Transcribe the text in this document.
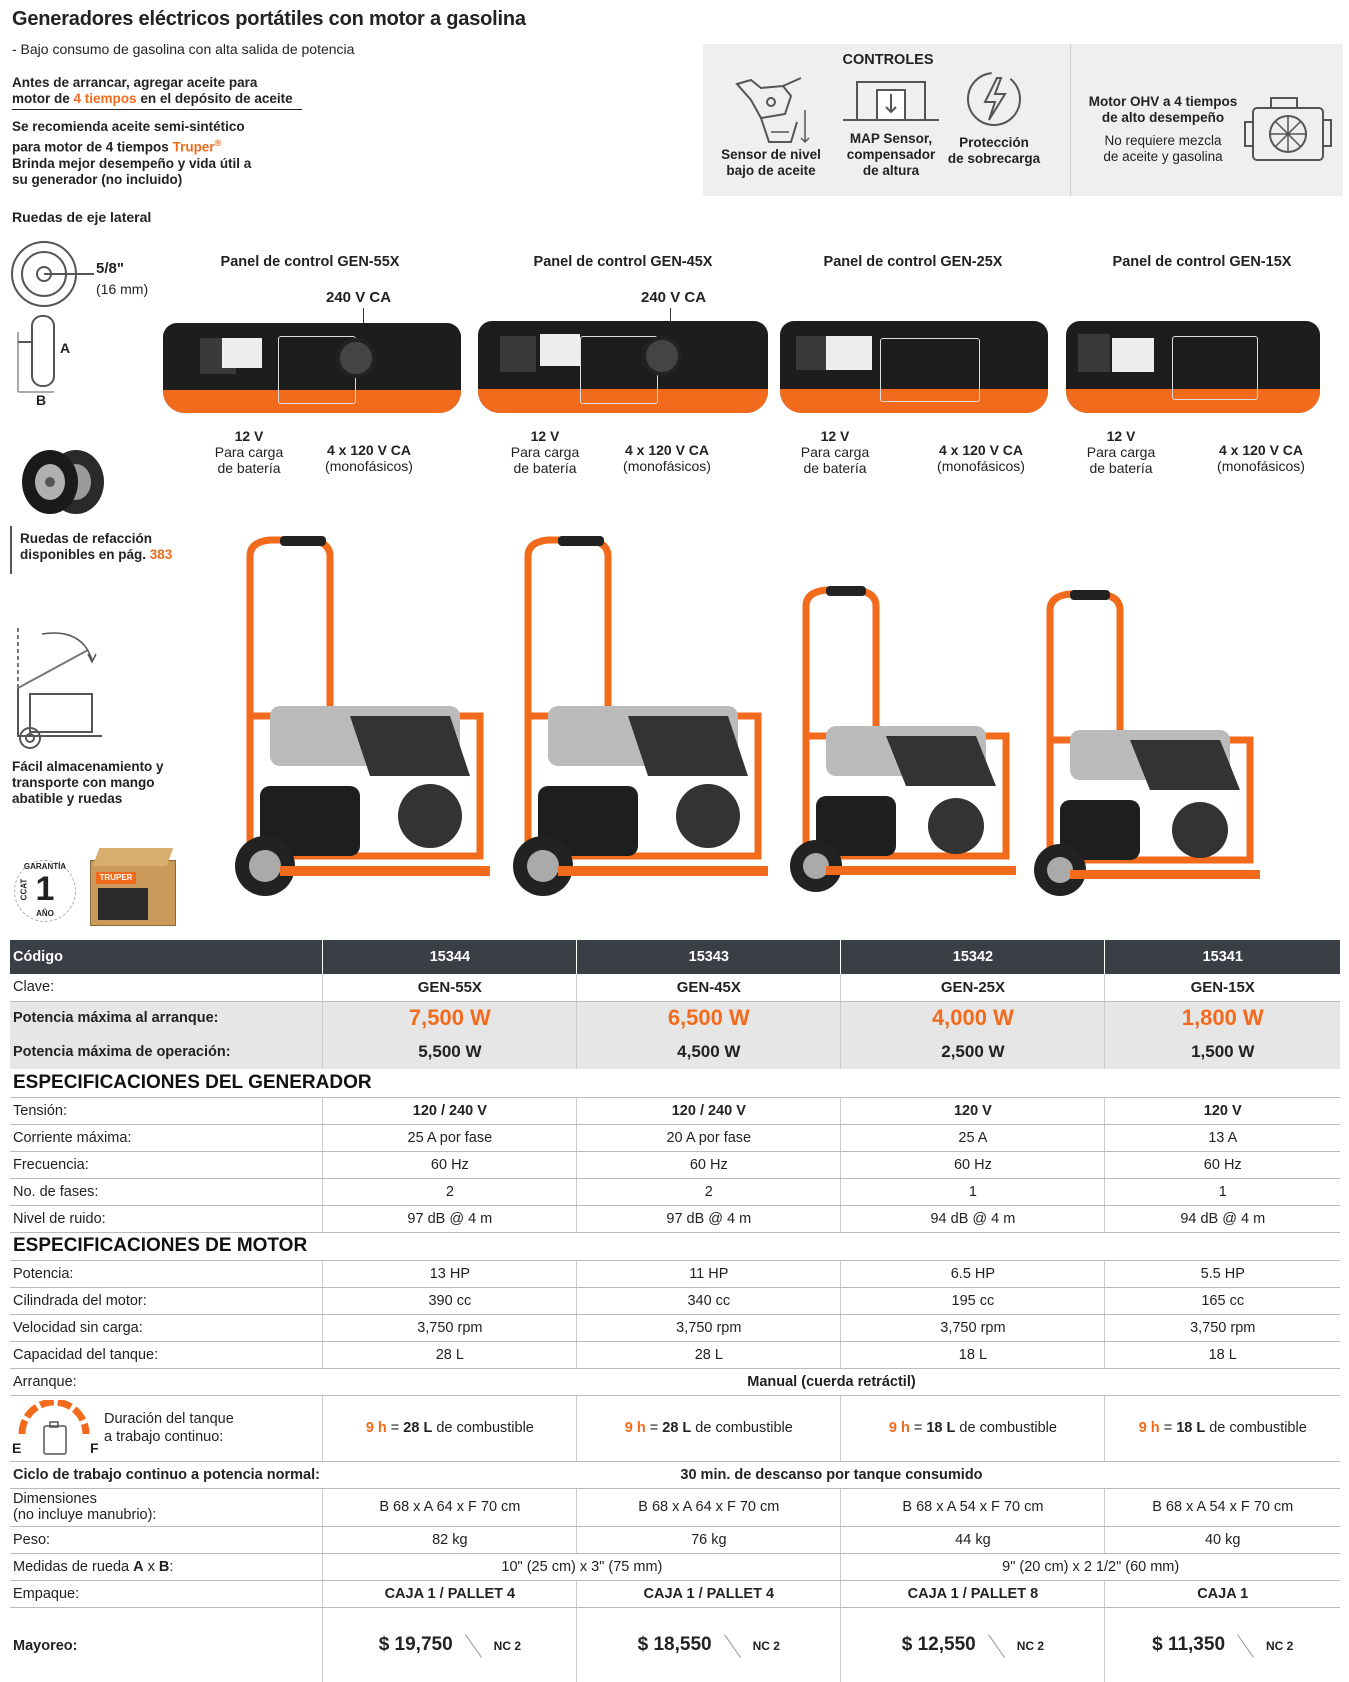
Generadores eléctricos portátiles con motor a gasolina
- Bajo consumo de gasolina con alta salida de potencia
Antes de arrancar, agregar aceite para
motor de 4 tiempos en el depósito de aceite
Se recomienda aceite semi-sintético
para motor de 4 tiempos Truper®
Brinda mejor desempeño y vida útil a
su generador (no incluido)
CONTROLES
Sensor de nivel
bajo de aceite
MAP Sensor,
compensador
de altura
Protección
de sobrecarga
Motor OHV a 4 tiempos
de alto desempeño
No requiere mezcla
de aceite y gasolina
Ruedas de eje lateral
5/8"
(16 mm)
A
B
Ruedas de refacción
disponibles en pág. 383
Fácil almacenamiento y
transporte con mango
abatible y ruedas
GARANTÍA
1
AÑO
CCAT
TRUPER
Panel de control GEN-55X
240 V CA
12 V
Para carga
de batería
4 x 120 V CA
(monofásicos)
Panel de control GEN-45X
240 V CA
12 V
Para carga
de batería
4 x 120 V CA
(monofásicos)
Panel de control GEN-25X
12 V
Para carga
de batería
4 x 120 V CA
(monofásicos)
Panel de control GEN-15X
12 V
Para carga
de batería
4 x 120 V CA
(monofásicos)
Código	15344	15343	15342	15341
Clave:	GEN-55X	GEN-45X	GEN-25X	GEN-15X
Potencia máxima al arranque:	7,500 W	6,500 W	4,000 W	1,800 W
Potencia máxima de operación:	5,500 W	4,500 W	2,500 W	1,500 W
ESPECIFICACIONES DEL GENERADOR				
Tensión:	120 / 240 V	120 / 240 V	120 V	120 V
Corriente máxima:	25 A por fase	20 A por fase	25 A	13 A
Frecuencia:	60 Hz	60 Hz	60 Hz	60 Hz
No. de fases:	2	2	1	1
Nivel de ruido:	97 dB @ 4 m	97 dB @ 4 m	94 dB @ 4 m	94 dB @ 4 m
ESPECIFICACIONES DE MOTOR				
Potencia:	13 HP	11 HP	6.5 HP	5.5 HP
Cilindrada del motor:	390 cc	340 cc	195 cc	165 cc
Velocidad sin carga:	3,750 rpm	3,750 rpm	3,750 rpm	3,750 rpm
Capacidad del tanque:	28 L	28 L	18 L	18 L
Arranque:	Manual (cuerda retráctil)			

E F
Duración del tanque
a trabajo continuo:	9 h = 28 L de combustible	9 h = 28 L de combustible	9 h = 18 L de combustible	9 h = 18 L de combustible
Ciclo de trabajo continuo a potencia normal:	30 min. de descanso por tanque consumido			

Dimensiones
(no incluye manubrio):	B 68 x A 64 x F 70 cm	B 68 x A 64 x F 70 cm	B 68 x A 54 x F 70 cm	B 68 x A 54 x F 70 cm
Peso:	82 kg	76 kg	44 kg	40 kg
Medidas de rueda A x B:	10" (25 cm) x 3" (75 mm)		9" (20 cm) x 2 1/2" (60 mm)	
Empaque:	CAJA 1 / PALLET 4	CAJA 1 / PALLET 4	CAJA 1 / PALLET 8	CAJA 1
Mayoreo:	$ 19,750 NC 2	$ 18,550 NC 2	$ 12,550 NC 2	$ 11,350 NC 2
